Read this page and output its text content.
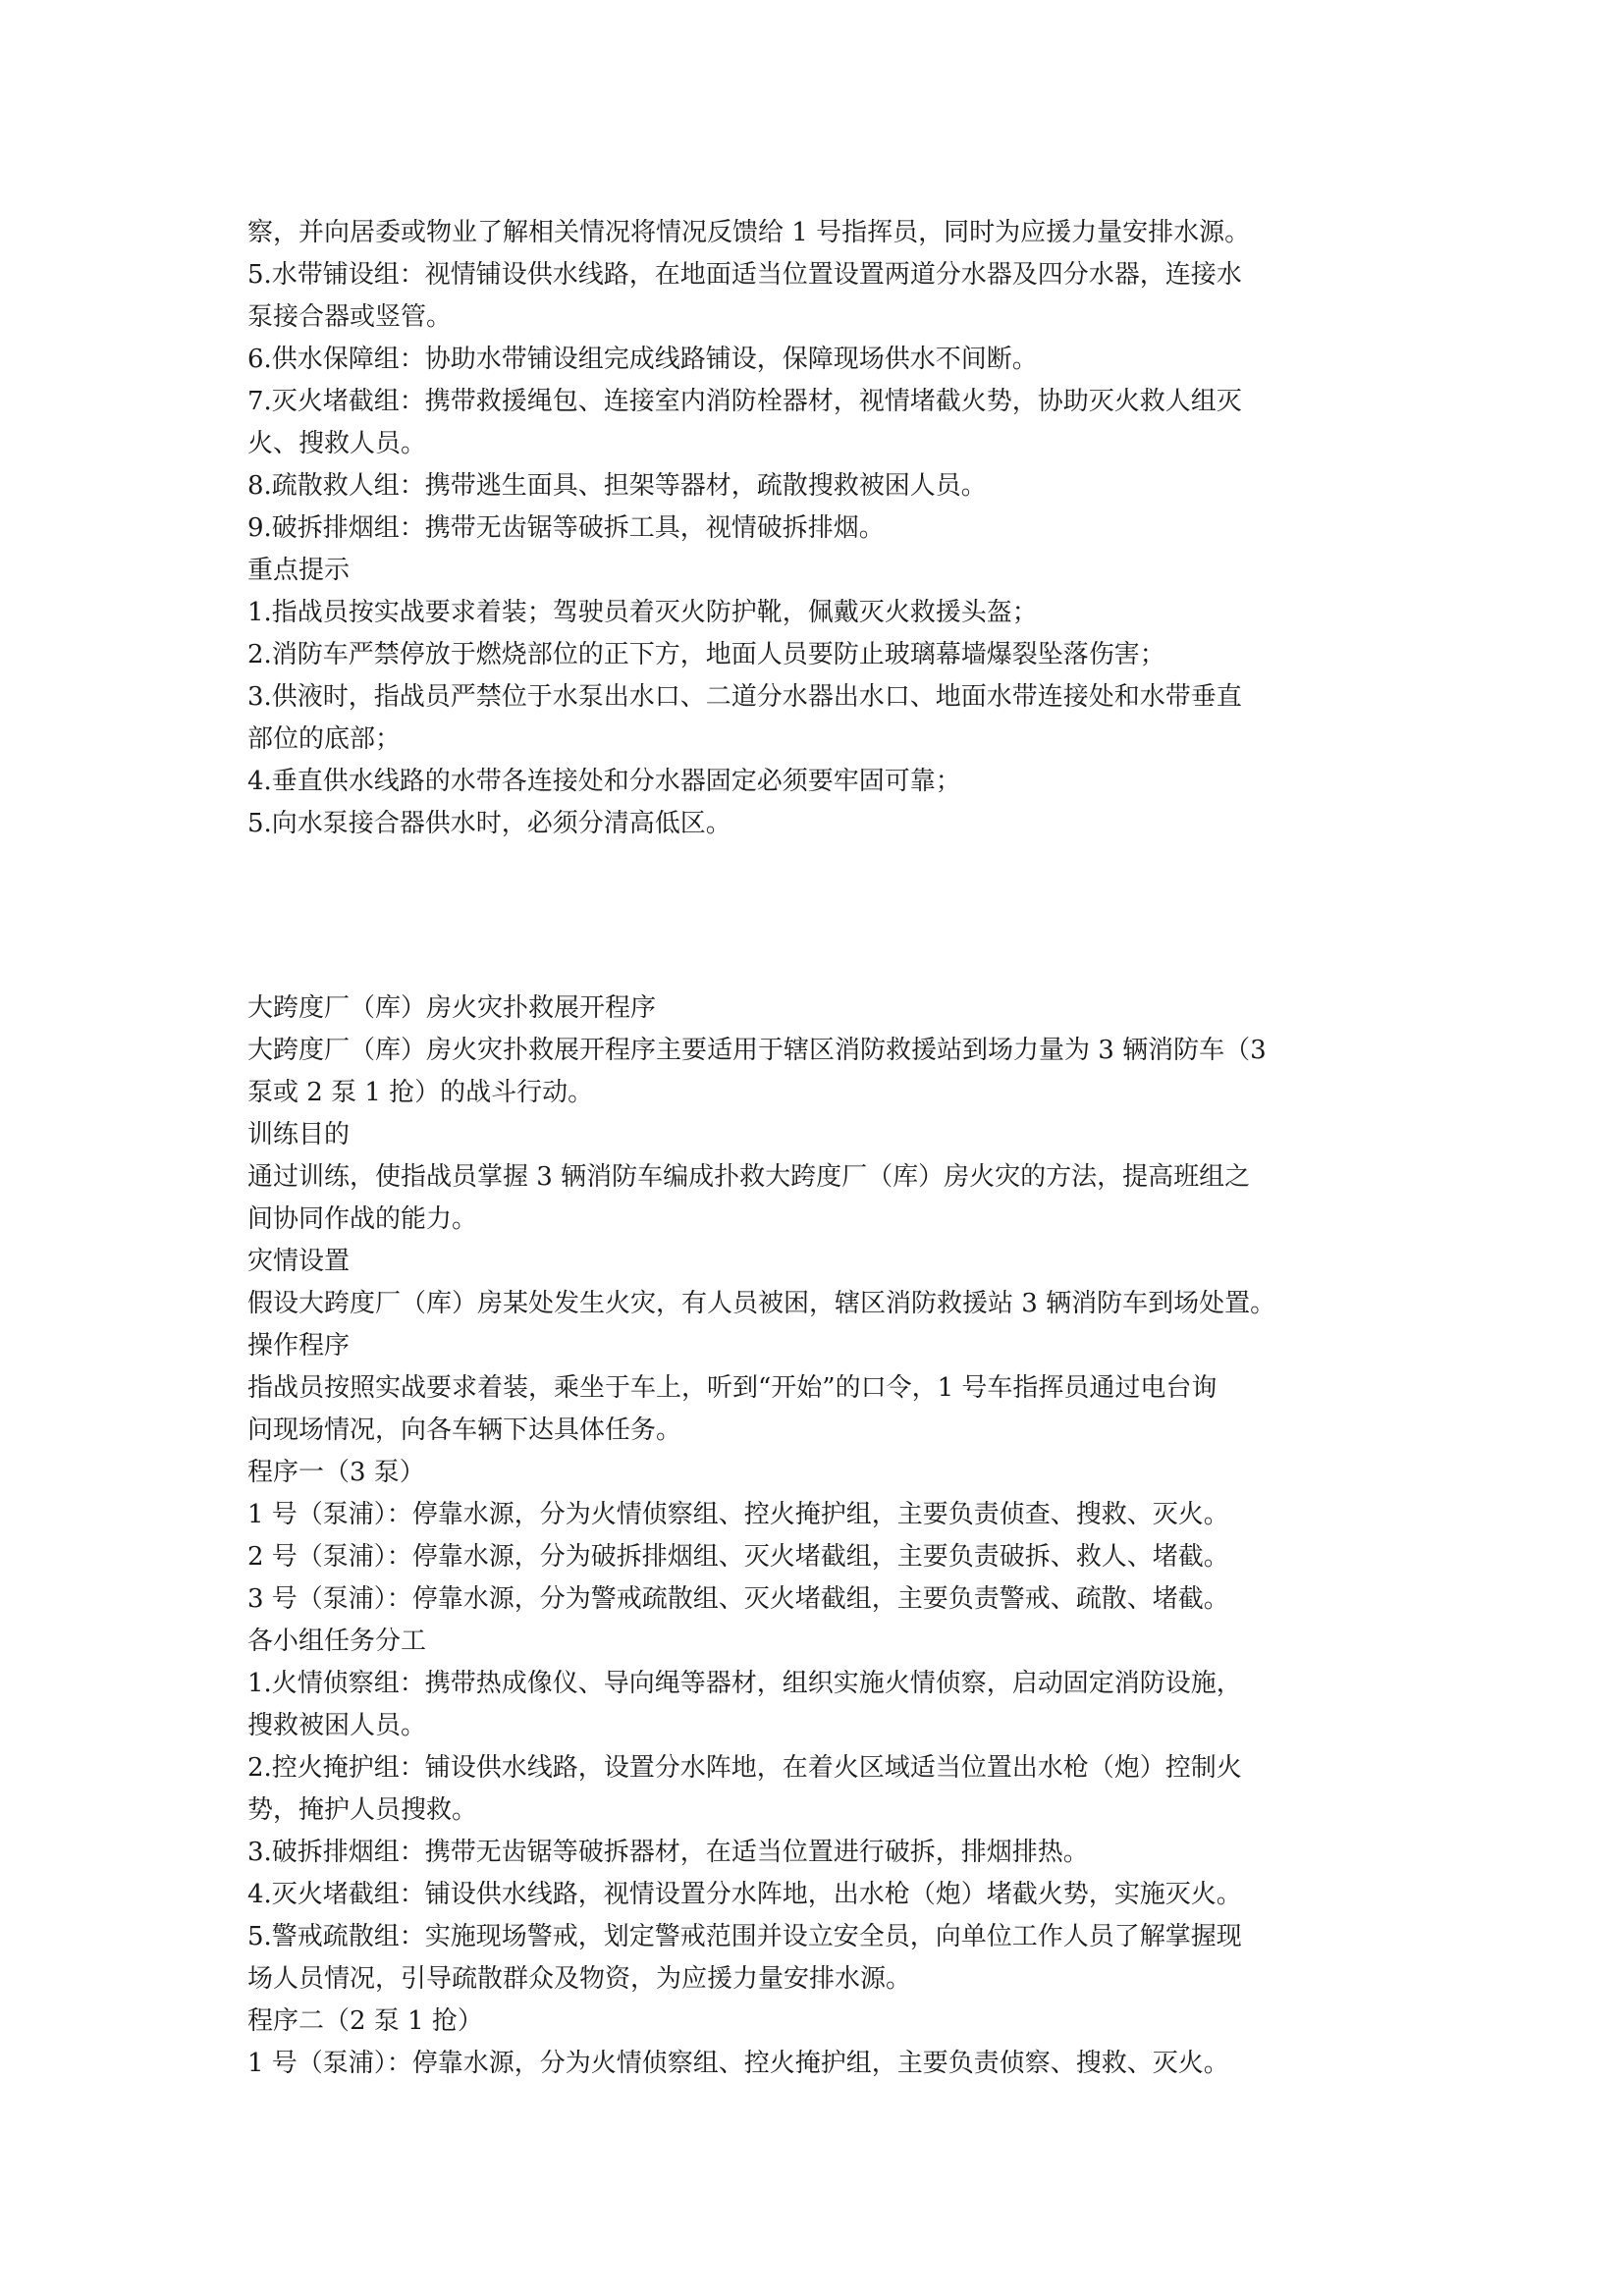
察，并向居委或物业了解相关情况将情况反馈给 1 号指挥员，同时为应援力量安排水源。
5.水带铺设组：视情铺设供水线路，在地面适当位置设置两道分水器及四分水器，连接水
泵接合器或竖管。
6.供水保障组：协助水带铺设组完成线路铺设，保障现场供水不间断。
7.灭火堵截组：携带救援绳包、连接室内消防栓器材，视情堵截火势，协助灭火救人组灭
火、搜救人员。
8.疏散救人组：携带逃生面具、担架等器材，疏散搜救被困人员。
9.破拆排烟组：携带无齿锯等破拆工具，视情破拆排烟。
重点提示
1.指战员按实战要求着装；驾驶员着灭火防护靴，佩戴灭火救援头盔；
2.消防车严禁停放于燃烧部位的正下方，地面人员要防止玻璃幕墙爆裂坠落伤害；
3.供液时，指战员严禁位于水泵出水口、二道分水器出水口、地面水带连接处和水带垂直
部位的底部；
4.垂直供水线路的水带各连接处和分水器固定必须要牢固可靠；
5.向水泵接合器供水时，必须分清高低区。
大跨度厂（库）房火灾扑救展开程序
大跨度厂（库）房火灾扑救展开程序主要适用于辖区消防救援站到场力量为 3 辆消防车（3
泵或 2 泵 1 抢）的战斗行动。
训练目的
通过训练，使指战员掌握 3 辆消防车编成扑救大跨度厂（库）房火灾的方法，提高班组之
间协同作战的能力。
灾情设置
假设大跨度厂（库）房某处发生火灾，有人员被困，辖区消防救援站 3 辆消防车到场处置。
操作程序
指战员按照实战要求着装，乘坐于车上，听到“开始”的口令，1 号车指挥员通过电台询
问现场情况，向各车辆下达具体任务。
程序一（3 泵）
1 号（泵浦）：停靠水源，分为火情侦察组、控火掩护组，主要负责侦查、搜救、灭火。
2 号（泵浦）：停靠水源，分为破拆排烟组、灭火堵截组，主要负责破拆、救人、堵截。
3 号（泵浦）：停靠水源，分为警戒疏散组、灭火堵截组，主要负责警戒、疏散、堵截。
各小组任务分工
1.火情侦察组：携带热成像仪、导向绳等器材，组织实施火情侦察，启动固定消防设施，
搜救被困人员。
2.控火掩护组：铺设供水线路，设置分水阵地，在着火区域适当位置出水枪（炮）控制火
势，掩护人员搜救。
3.破拆排烟组：携带无齿锯等破拆器材，在适当位置进行破拆，排烟排热。
4.灭火堵截组：铺设供水线路，视情设置分水阵地，出水枪（炮）堵截火势，实施灭火。
5.警戒疏散组：实施现场警戒，划定警戒范围并设立安全员，向单位工作人员了解掌握现
场人员情况，引导疏散群众及物资，为应援力量安排水源。
程序二（2 泵 1 抢）
1 号（泵浦）：停靠水源，分为火情侦察组、控火掩护组，主要负责侦察、搜救、灭火。
